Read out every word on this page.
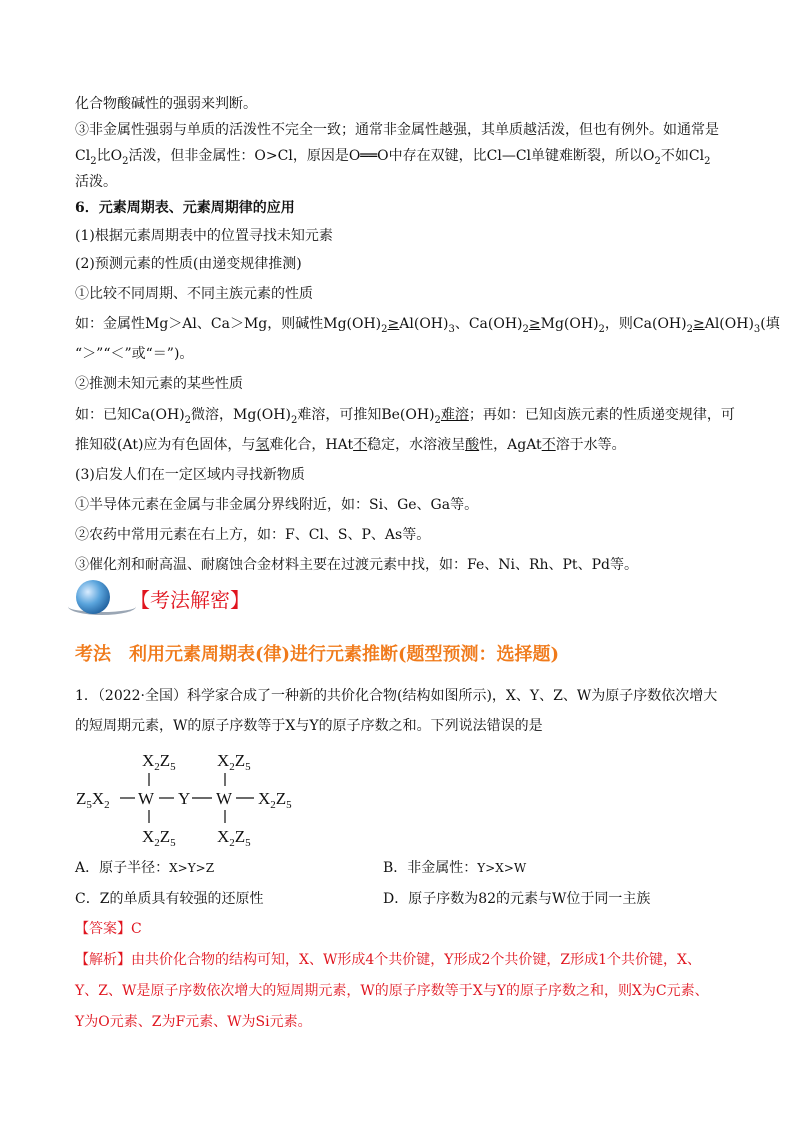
化合物酸碱性的强弱来判断。
③非金属性强弱与单质的活泼性不完全一致；通常非金属性越强，其单质越活泼，但也有例外。如通常是
$Cl_2$比$O_2$活泼，但非金属性：O>Cl，原因是O══O中存在双键，比Cl—Cl单键难断裂，所以$O_2$不如$Cl_2$
活泼。
6．元素周期表、元素周期律的应用
(1)根据元素周期表中的位置寻找未知元素
(2)预测元素的性质(由递变规律推测)
①比较不同周期、不同主族元素的性质
如：金属性Mg＞Al、Ca＞Mg，则碱性$Mg(OH)_2\ge Al(OH)_3$、$Ca(OH)_2\ge Mg(OH)_2$，则$Ca(OH)_2\ge Al(OH)_3$(填
“＞”“＜”或“＝”)。
②推测未知元素的某些性质
如：已知$Ca(OH)_2$微溶，$Mg(OH)_2$难溶，可推知$Be(OH)_2$难溶；再如：已知卤族元素的性质递变规律，可
推知砹(At)应为有色固体，与氢难化合，HAt不稳定，水溶液呈酸性，AgAt不溶于水等。
(3)启发人们在一定区域内寻找新物质
①半导体元素在金属与非金属分界线附近，如：Si、Ge、Ga等。
②农药中常用元素在右上方，如：F、Cl、S、P、As等。
③催化剂和耐高温、耐腐蚀合金材料主要在过渡元素中找，如：Fe、Ni、Rh、Pt、Pd等。
【考法解密】
考法　利用元素周期表(律)进行元素推断(题型预测：选择题)
1．（2022·全国）科学家合成了一种新的共价化合物(结构如图所示)，X、Y、Z、W为原子序数依次增大
的短周期元素，W的原子序数等于X与Y的原子序数之和。下列说法错误的是
$X_2Z_5$ $X_2Z_5$
$Z_5X_2$ W Y W $X_2Z_5$
$X_2Z_5$ $X_2Z_5$
A．原子半径：X>Y>Z	B．非金属性：Y>X>W
C．Z的单质具有较强的还原性	D．原子序数为82的元素与W位于同一主族
【答案】C
【解析】由共价化合物的结构可知，X、W形成4个共价键，Y形成2个共价键，Z形成1个共价键，X、
Y、Z、W是原子序数依次增大的短周期元素，W的原子序数等于X与Y的原子序数之和，则X为C元素、
Y为O元素、Z为F元素、W为Si元素。
